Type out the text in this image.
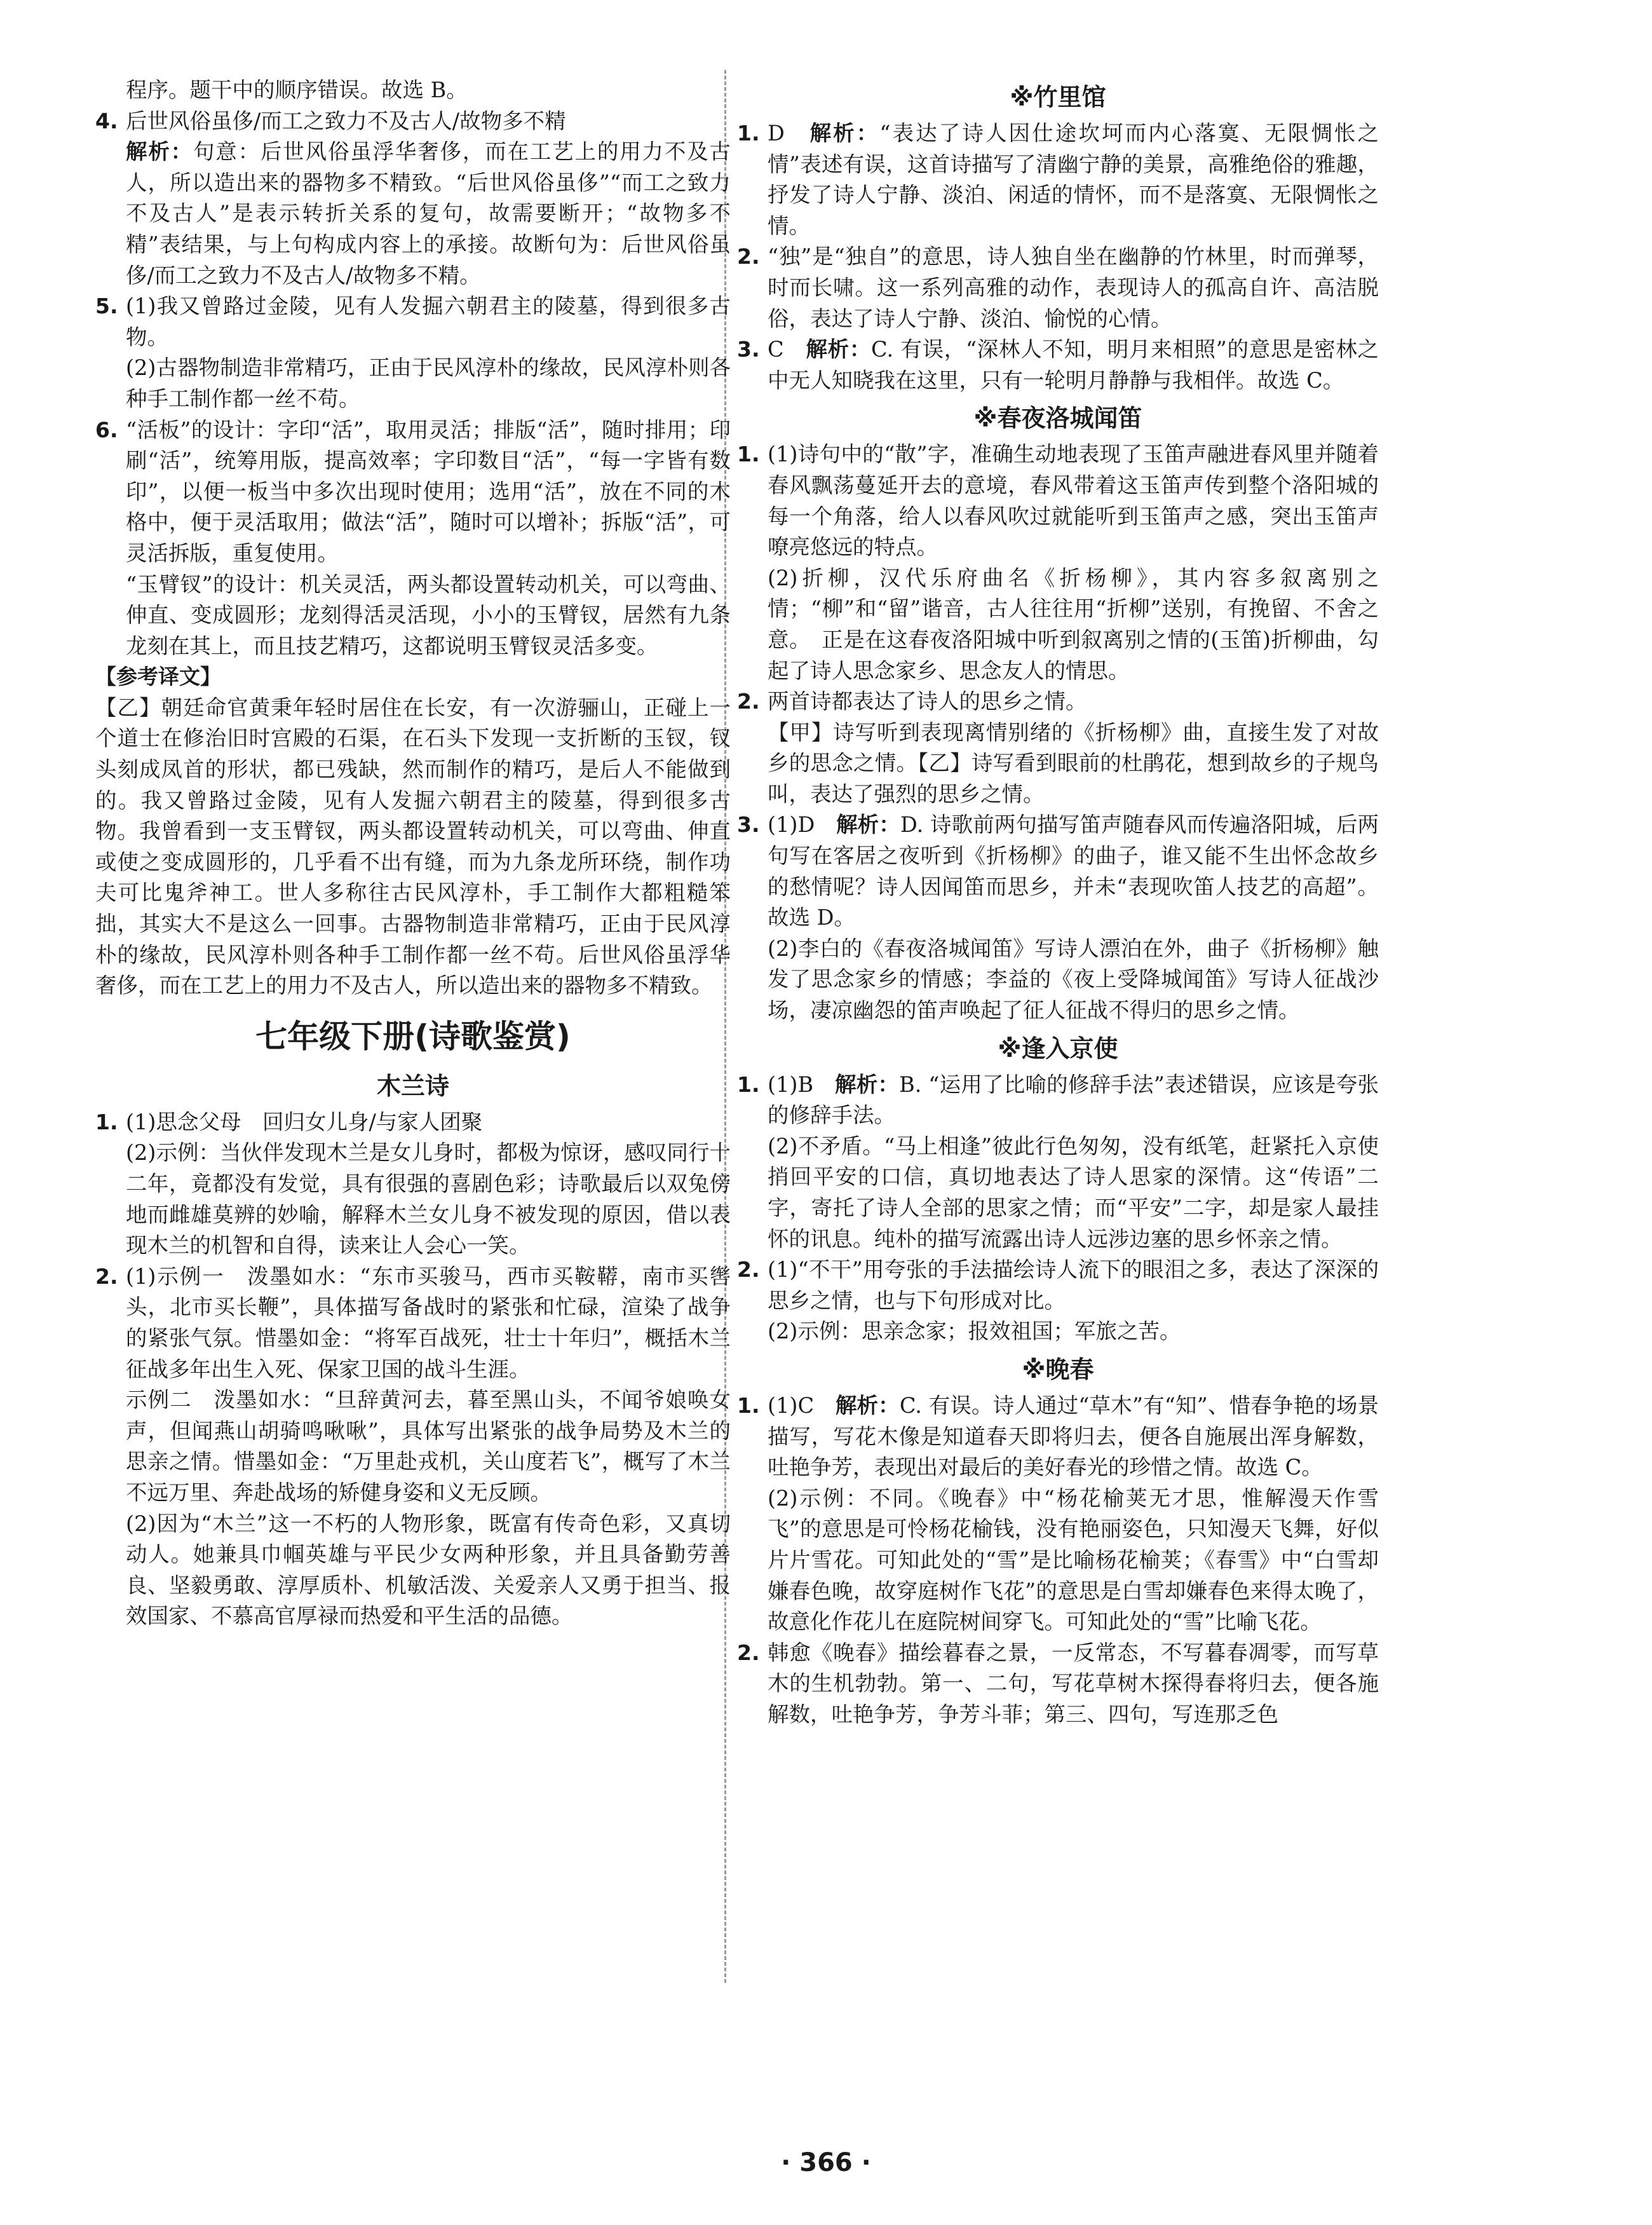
程序。题干中的顺序错误。故选 B。

4. 后世风俗虽侈/而工之致力不及古人/故物多不精

解析：句意：后世风俗虽浮华奢侈，而在工艺上的用力不及古人，所以造出来的器物多不精致。“后世风俗虽侈”“而工之致力不及古人”是表示转折关系的复句，故需要断开；“故物多不精”表结果，与上句构成内容上的承接。故断句为：后世风俗虽侈/而工之致力不及古人/故物多不精。

5. (1)我又曾路过金陵，见有人发掘六朝君主的陵墓，得到很多古物。

(2)古器物制造非常精巧，正由于民风淳朴的缘故，民风淳朴则各种手工制作都一丝不苟。

6. “活板”的设计：字印“活”，取用灵活；排版“活”，随时排用；印刷“活”，统筹用版，提高效率；字印数目“活”，“每一字皆有数印”，以便一板当中多次出现时使用；选用“活”，放在不同的木格中，便于灵活取用；做法“活”，随时可以增补；拆版“活”，可灵活拆版，重复使用。

“玉臂钗”的设计：机关灵活，两头都设置转动机关，可以弯曲、伸直、变成圆形；龙刻得活灵活现，小小的玉臂钗，居然有九条龙刻在其上，而且技艺精巧，这都说明玉臂钗灵活多变。

【参考译文】

【乙】朝廷命官黄秉年轻时居住在长安，有一次游骊山，正碰上一个道士在修治旧时宫殿的石渠，在石头下发现一支折断的玉钗，钗头刻成凤首的形状，都已残缺，然而制作的精巧，是后人不能做到的。我又曾路过金陵，见有人发掘六朝君主的陵墓，得到很多古物。我曾看到一支玉臂钗，两头都设置转动机关，可以弯曲、伸直或使之变成圆形的，几乎看不出有缝，而为九条龙所环绕，制作功夫可比鬼斧神工。世人多称往古民风淳朴，手工制作大都粗糙笨拙，其实大不是这么一回事。古器物制造非常精巧，正由于民风淳朴的缘故，民风淳朴则各种手工制作都一丝不苟。后世风俗虽浮华奢侈，而在工艺上的用力不及古人，所以造出来的器物多不精致。

七年级下册(诗歌鉴赏)
木兰诗
1. (1)思念父母　回归女儿身/与家人团聚

(2)示例：当伙伴发现木兰是女儿身时，都极为惊讶，感叹同行十二年，竟都没有发觉，具有很强的喜剧色彩；诗歌最后以双兔傍地而雌雄莫辨的妙喻，解释木兰女儿身不被发现的原因，借以表现木兰的机智和自得，读来让人会心一笑。

2. (1)示例一　泼墨如水：“东市买骏马，西市买鞍鞯，南市买辔头，北市买长鞭”，具体描写备战时的紧张和忙碌，渲染了战争的紧张气氛。惜墨如金：“将军百战死，壮士十年归”，概括木兰征战多年出生入死、保家卫国的战斗生涯。

示例二　泼墨如水：“旦辞黄河去，暮至黑山头，不闻爷娘唤女声，但闻燕山胡骑鸣啾啾”，具体写出紧张的战争局势及木兰的思亲之情。惜墨如金：“万里赴戎机，关山度若飞”，概写了木兰不远万里、奔赴战场的矫健身姿和义无反顾。

(2)因为“木兰”这一不朽的人物形象，既富有传奇色彩，又真切动人。她兼具巾帼英雄与平民少女两种形象，并且具备勤劳善良、坚毅勇敢、淳厚质朴、机敏活泼、关爱亲人又勇于担当、报效国家、不慕高官厚禄而热爱和平生活的品德。

※竹里馆
1. D　 解析：“表达了诗人因仕途坎坷而内心落寞、无限惆怅之情”表述有误，这首诗描写了清幽宁静的美景，高雅绝俗的雅趣，抒发了诗人宁静、淡泊、闲适的情怀，而不是落寞、无限惆怅之情。

2. “独”是“独自”的意思，诗人独自坐在幽静的竹林里，时而弹琴，时而长啸。这一系列高雅的动作，表现诗人的孤高自许、高洁脱俗，表达了诗人宁静、淡泊、愉悦的心情。

3. C　 解析：C. 有误，“深林人不知，明月来相照”的意思是密林之中无人知晓我在这里，只有一轮明月静静与我相伴。故选 C。

※春夜洛城闻笛
1. (1)诗句中的“散”字，准确生动地表现了玉笛声融进春风里并随着春风飘荡蔓延开去的意境，春风带着这玉笛声传到整个洛阳城的每一个角落，给人以春风吹过就能听到玉笛声之感，突出玉笛声嘹亮悠远的特点。

(2)折柳，汉代乐府曲名《折杨柳》，其内容多叙离别之情；“柳”和“留”谐音，古人往往用“折柳”送别，有挽留、不舍之意。　正是在这春夜洛阳城中听到叙离别之情的(玉笛)折柳曲，勾起了诗人思念家乡、思念友人的情思。

2. 两首诗都表达了诗人的思乡之情。

【甲】诗写听到表现离情别绪的《折杨柳》曲，直接生发了对故乡的思念之情。【乙】诗写看到眼前的杜鹃花，想到故乡的子规鸟叫，表达了强烈的思乡之情。

3. (1)D　解析：D. 诗歌前两句描写笛声随春风而传遍洛阳城，后两句写在客居之夜听到《折杨柳》的曲子，谁又能不生出怀念故乡的愁情呢？诗人因闻笛而思乡，并未“表现吹笛人技艺的高超”。故选 D。

(2)李白的《春夜洛城闻笛》写诗人漂泊在外，曲子《折杨柳》触发了思念家乡的情感；李益的《夜上受降城闻笛》写诗人征战沙场，凄凉幽怨的笛声唤起了征人征战不得归的思乡之情。

※逢入京使
1. (1)B　解析：B. “运用了比喻的修辞手法”表述错误，应该是夸张的修辞手法。

(2)不矛盾。“马上相逢”彼此行色匆匆，没有纸笔，赶紧托入京使捎回平安的口信，真切地表达了诗人思家的深情。这“传语”二字，寄托了诗人全部的思家之情；而“平安”二字，却是家人最挂怀的讯息。纯朴的描写流露出诗人远涉边塞的思乡怀亲之情。

2. (1)“不干”用夸张的手法描绘诗人流下的眼泪之多，表达了深深的思乡之情，也与下句形成对比。

(2)示例：思亲念家；报效祖国；军旅之苦。

※晚春
1. (1)C　解析：C. 有误。诗人通过“草木”有“知”、惜春争艳的场景描写，写花木像是知道春天即将归去，便各自施展出浑身解数，吐艳争芳，表现出对最后的美好春光的珍惜之情。故选 C。

(2)示例：不同。《晚春》中“杨花榆荚无才思，惟解漫天作雪飞”的意思是可怜杨花榆钱，没有艳丽姿色，只知漫天飞舞，好似片片雪花。可知此处的“雪”是比喻杨花榆荚；《春雪》中“白雪却嫌春色晚，故穿庭树作飞花”的意思是白雪却嫌春色来得太晚了，故意化作花儿在庭院树间穿飞。可知此处的“雪”比喻飞花。

2. 韩愈《晚春》描绘暮春之景，一反常态，不写暮春凋零，而写草木的生机勃勃。第一、二句，写花草树木探得春将归去，便各施解数，吐艳争芳，争芳斗菲；第三、四句，写连那乏色

· 366 ·
